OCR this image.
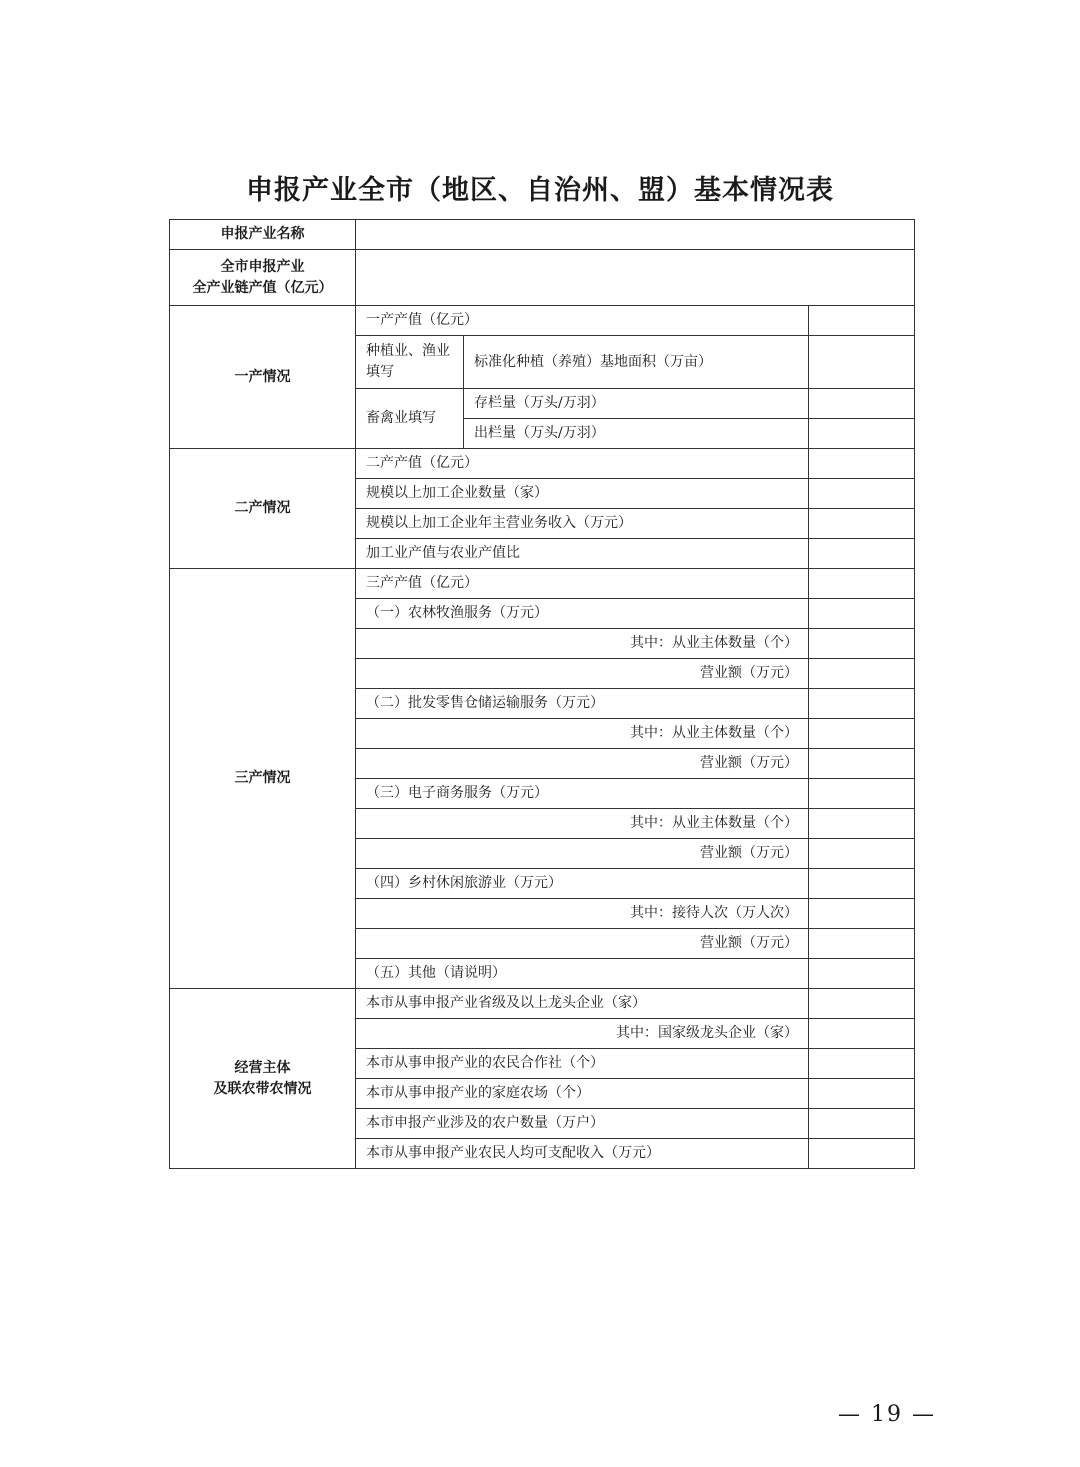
申报产业全市（地区、自治州、盟）基本情况表
申报产业名称			

全市申报产业
全产业链产值（亿元）			

一产情况	一产产值（亿元）		
	种植业、渔业填写	标准化种植（养殖）基地面积（万亩）	
	畜禽业填写	存栏量（万头/万羽）	
		出栏量（万头/万羽）	
二产情况	二产产值（亿元）		
	规模以上加工企业数量（家）		
	规模以上加工企业年主营业务收入（万元）		
	加工业产值与农业产值比		
三产情况	三产产值（亿元）		
	（一）农林牧渔服务（万元）		
	其中：从业主体数量（个）		
	营业额（万元）		
	（二）批发零售仓储运输服务（万元）		
	其中：从业主体数量（个）		
	营业额（万元）		
	（三）电子商务服务（万元）		
	其中：从业主体数量（个）		
	营业额（万元）		
	（四）乡村休闲旅游业（万元）		
	其中：接待人次（万人次）		
	营业额（万元）		
	（五）其他（请说明）		

经营主体
及联农带农情况	本市从事申报产业省级及以上龙头企业（家）		
	其中：国家级龙头企业（家）		
	本市从事申报产业的农民合作社（个）		
	本市从事申报产业的家庭农场（个）		
	本市申报产业涉及的农户数量（万户）		
	本市从事申报产业农民人均可支配收入（万元）		
— 19 —
